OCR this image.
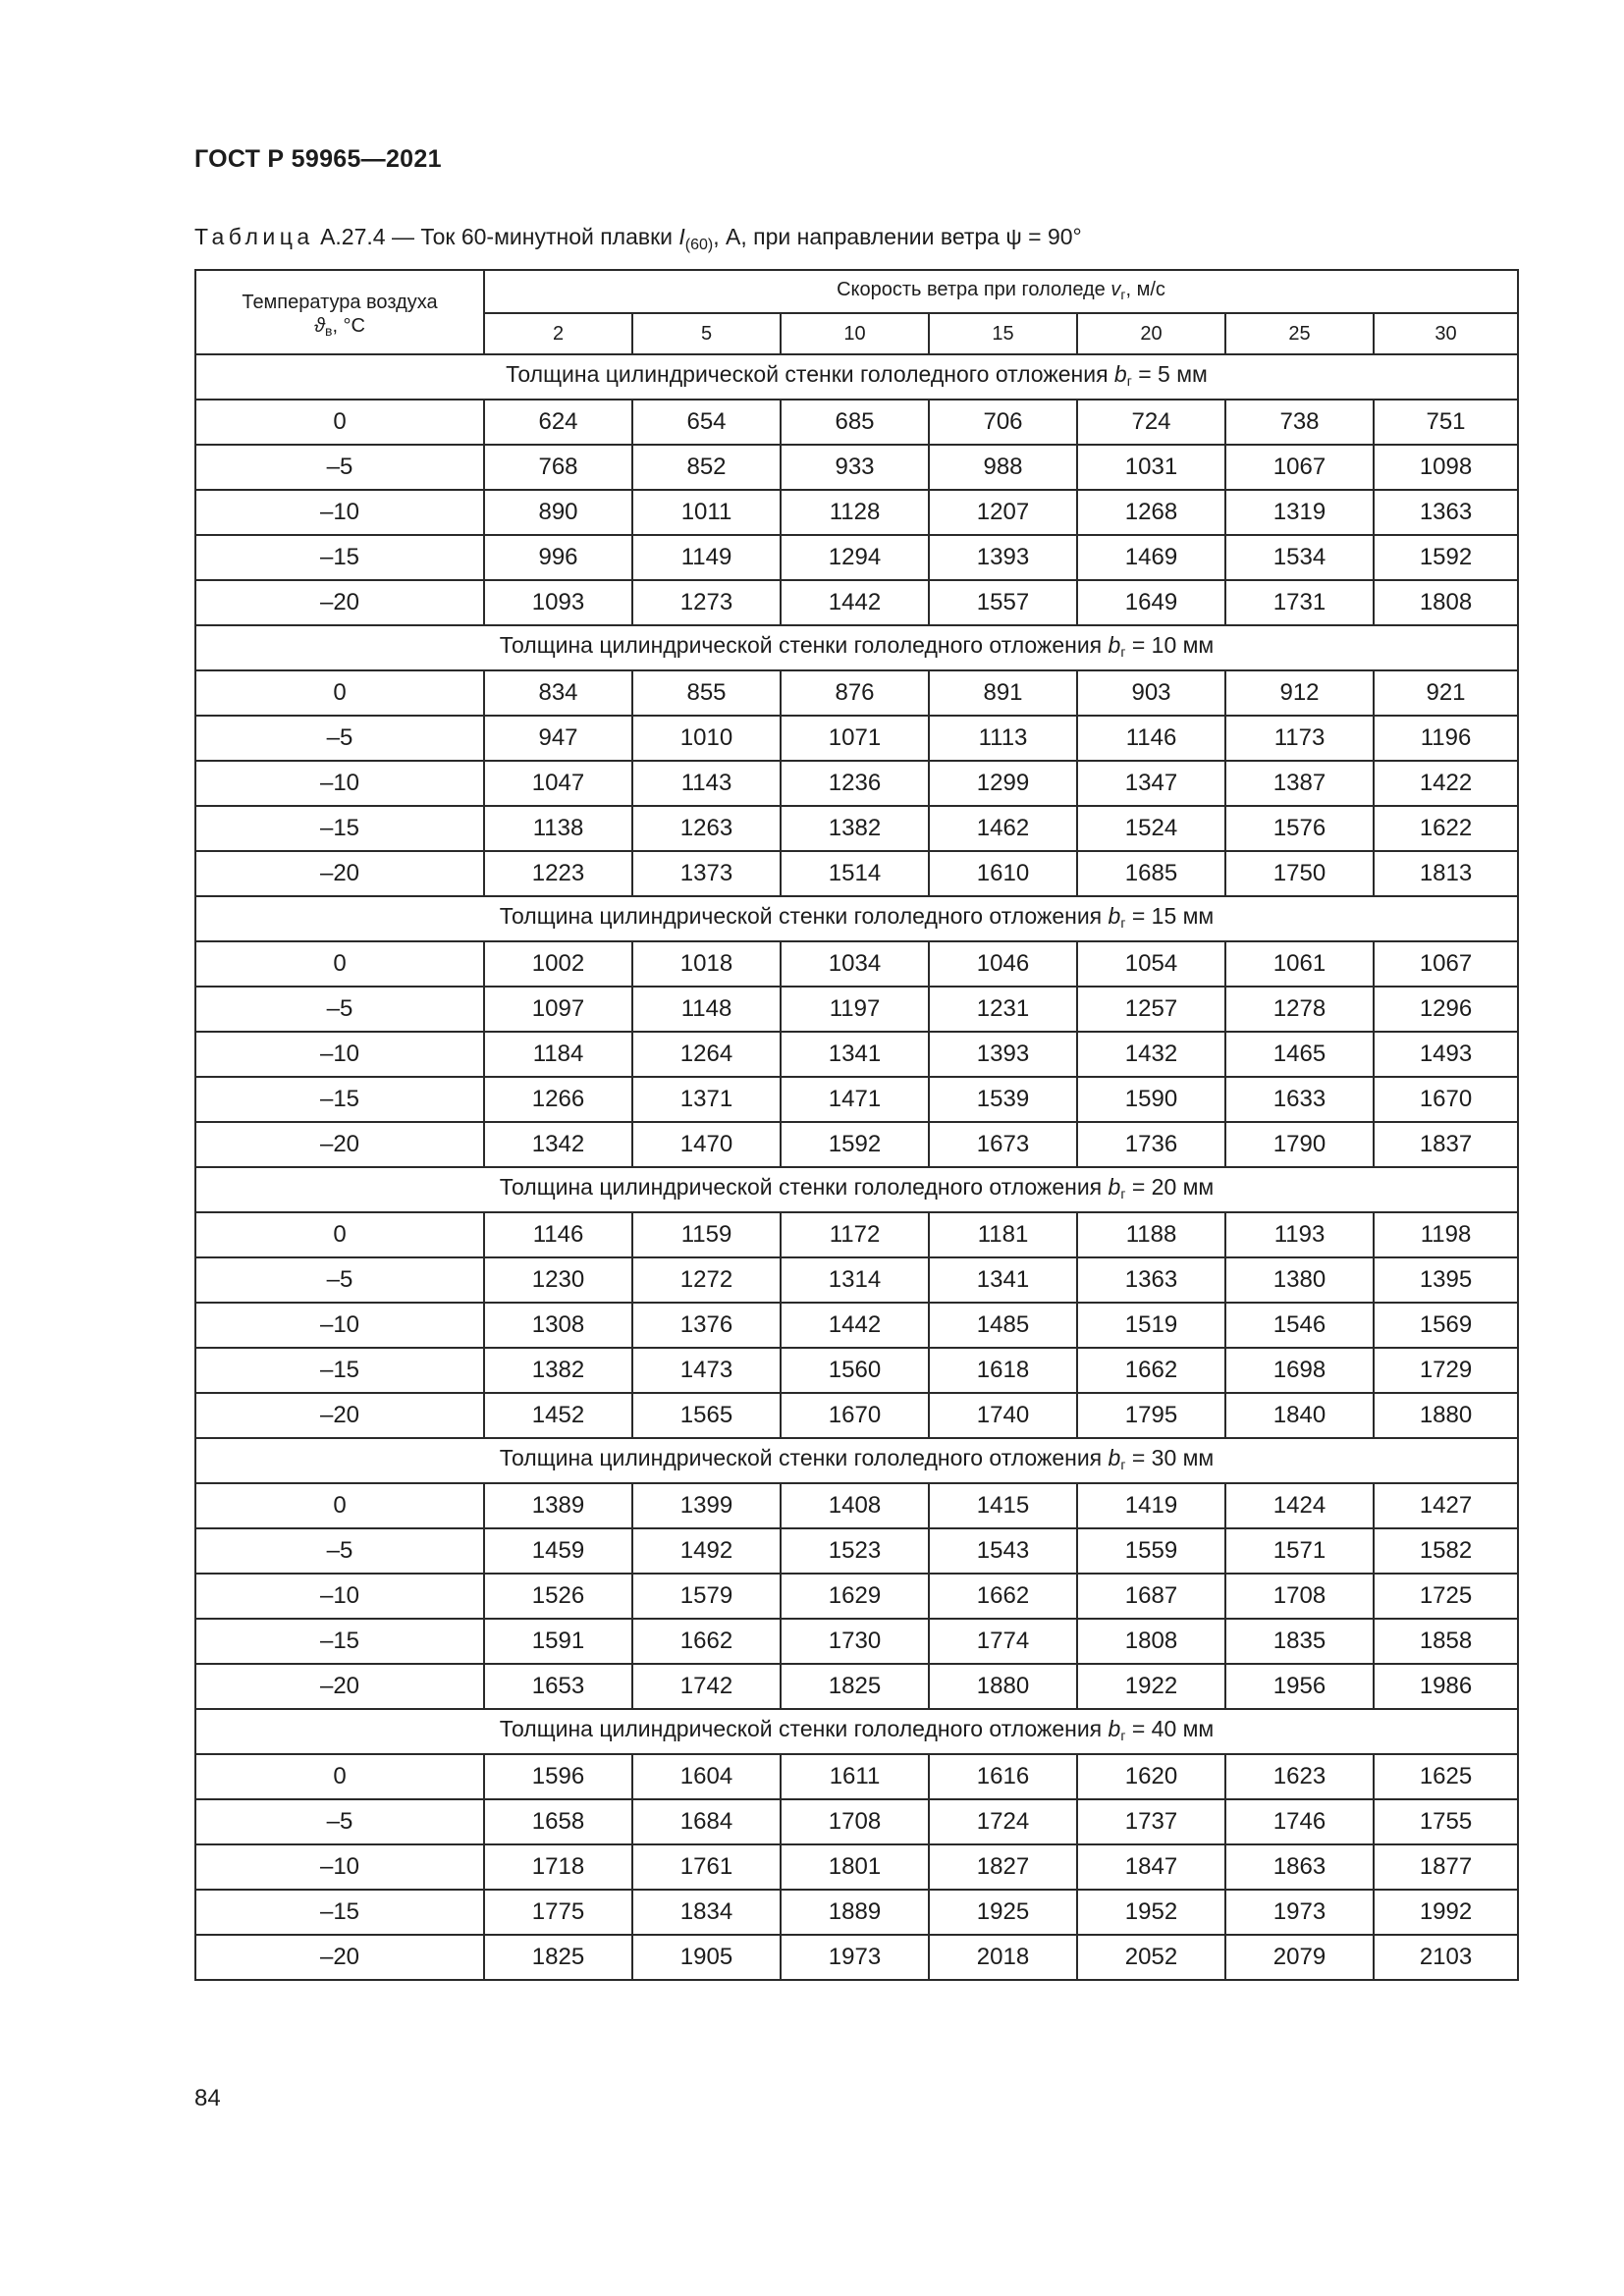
ГОСТ Р 59965—2021
Таблица А.27.4 — Ток 60-минутной плавки $I_{(60)}$, А, при направлении ветра ψ = 90°
Температура воздуха
$ϑ_в$, °С	Скорость ветра при гололеде $v_г$, м/с						
	2	5	10	15	20	25	30
Толщина цилиндрической стенки гололедного отложения $b_г = 5$ мм							
0	624	654	685	706	724	738	751
–5	768	852	933	988	1031	1067	1098
–10	890	1011	1128	1207	1268	1319	1363
–15	996	1149	1294	1393	1469	1534	1592
–20	1093	1273	1442	1557	1649	1731	1808
Толщина цилиндрической стенки гололедного отложения $b_г = 10$ мм							
0	834	855	876	891	903	912	921
–5	947	1010	1071	1113	1146	1173	1196
–10	1047	1143	1236	1299	1347	1387	1422
–15	1138	1263	1382	1462	1524	1576	1622
–20	1223	1373	1514	1610	1685	1750	1813
Толщина цилиндрической стенки гололедного отложения $b_г = 15$ мм							
0	1002	1018	1034	1046	1054	1061	1067
–5	1097	1148	1197	1231	1257	1278	1296
–10	1184	1264	1341	1393	1432	1465	1493
–15	1266	1371	1471	1539	1590	1633	1670
–20	1342	1470	1592	1673	1736	1790	1837
Толщина цилиндрической стенки гололедного отложения $b_г = 20$ мм							
0	1146	1159	1172	1181	1188	1193	1198
–5	1230	1272	1314	1341	1363	1380	1395
–10	1308	1376	1442	1485	1519	1546	1569
–15	1382	1473	1560	1618	1662	1698	1729
–20	1452	1565	1670	1740	1795	1840	1880
Толщина цилиндрической стенки гололедного отложения $b_г = 30$ мм							
0	1389	1399	1408	1415	1419	1424	1427
–5	1459	1492	1523	1543	1559	1571	1582
–10	1526	1579	1629	1662	1687	1708	1725
–15	1591	1662	1730	1774	1808	1835	1858
–20	1653	1742	1825	1880	1922	1956	1986
Толщина цилиндрической стенки гололедного отложения $b_г = 40$ мм							
0	1596	1604	1611	1616	1620	1623	1625
–5	1658	1684	1708	1724	1737	1746	1755
–10	1718	1761	1801	1827	1847	1863	1877
–15	1775	1834	1889	1925	1952	1973	1992
–20	1825	1905	1973	2018	2052	2079	2103
84
